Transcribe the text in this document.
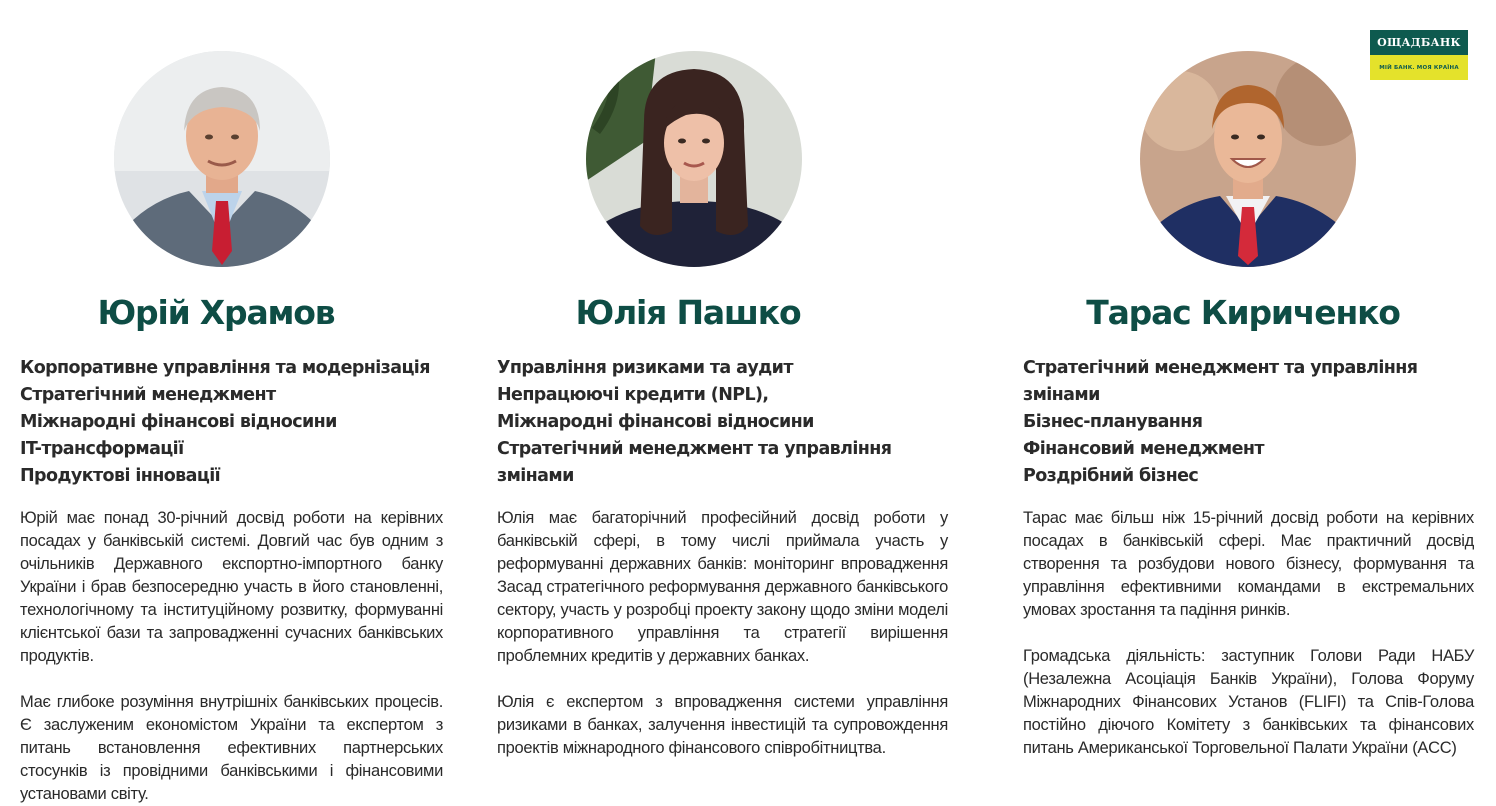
ОЩАДБАНК
МІЙ БАНК. МОЯ КРАЇНА
Юрій Храмов
Корпоративне управління та модернізація
Стратегічний менеджмент
Міжнародні фінансові відносини
IT-трансформації
Продуктові інновації

Юрій має понад 30-річний досвід роботи на керівних посадах у банківській системі. Довгий час був одним з очільників Державного експортно-імпортного банку України і брав безпосередню участь в його становленні, технологічному та інституційному розвитку, формуванні клієнтської бази та запровадженні сучасних банківських продуктів.

Має глибоке розуміння внутрішніх банківських процесів. Є заслуженим економістом України та експертом з питань встановлення ефективних партнерських стосунків із провідними банківськими і фінансовими установами світу.

Юлія Пашко
Управління ризиками та аудит
Непрацюючі кредити (NPL),
Міжнародні фінансові відносини
Стратегічний менеджмент та управління
змінами

Юлія має багаторічний професійний досвід роботи у банківській сфері, в тому числі приймала участь у реформуванні державних банків: моніторинг впровадження Засад стратегічного реформування державного банківського сектору, участь у розробці проекту закону щодо зміни моделі корпоративного управління та стратегії вирішення проблемних кредитів у державних банках.

Юлія є експертом з впровадження системи управління ризиками в банках, залучення інвестицій та супровождення проектів міжнародного фінансового співробітництва.

Тарас Кириченко
Стратегічний менеджмент та управління
змінами
Бізнес-планування
Фінансовий менеджмент
Роздрібний бізнес

Тарас має більш ніж 15-річний досвід роботи на керівних посадах в банківській сфері. Має практичний досвід створення та розбудови нового бізнесу, формування та управління ефективними командами в екстремальних умовах зростання та падіння ринків.

Громадська діяльність: заступник Голови Ради НАБУ (Незалежна Асоціація Банків України), Голова Форуму Міжнародних Фінансових Установ (FLIFI) та Спів-Голова постійно діючого Комітету з банківських та фінансових питань Американської Торговельної Палати України (ACC)
